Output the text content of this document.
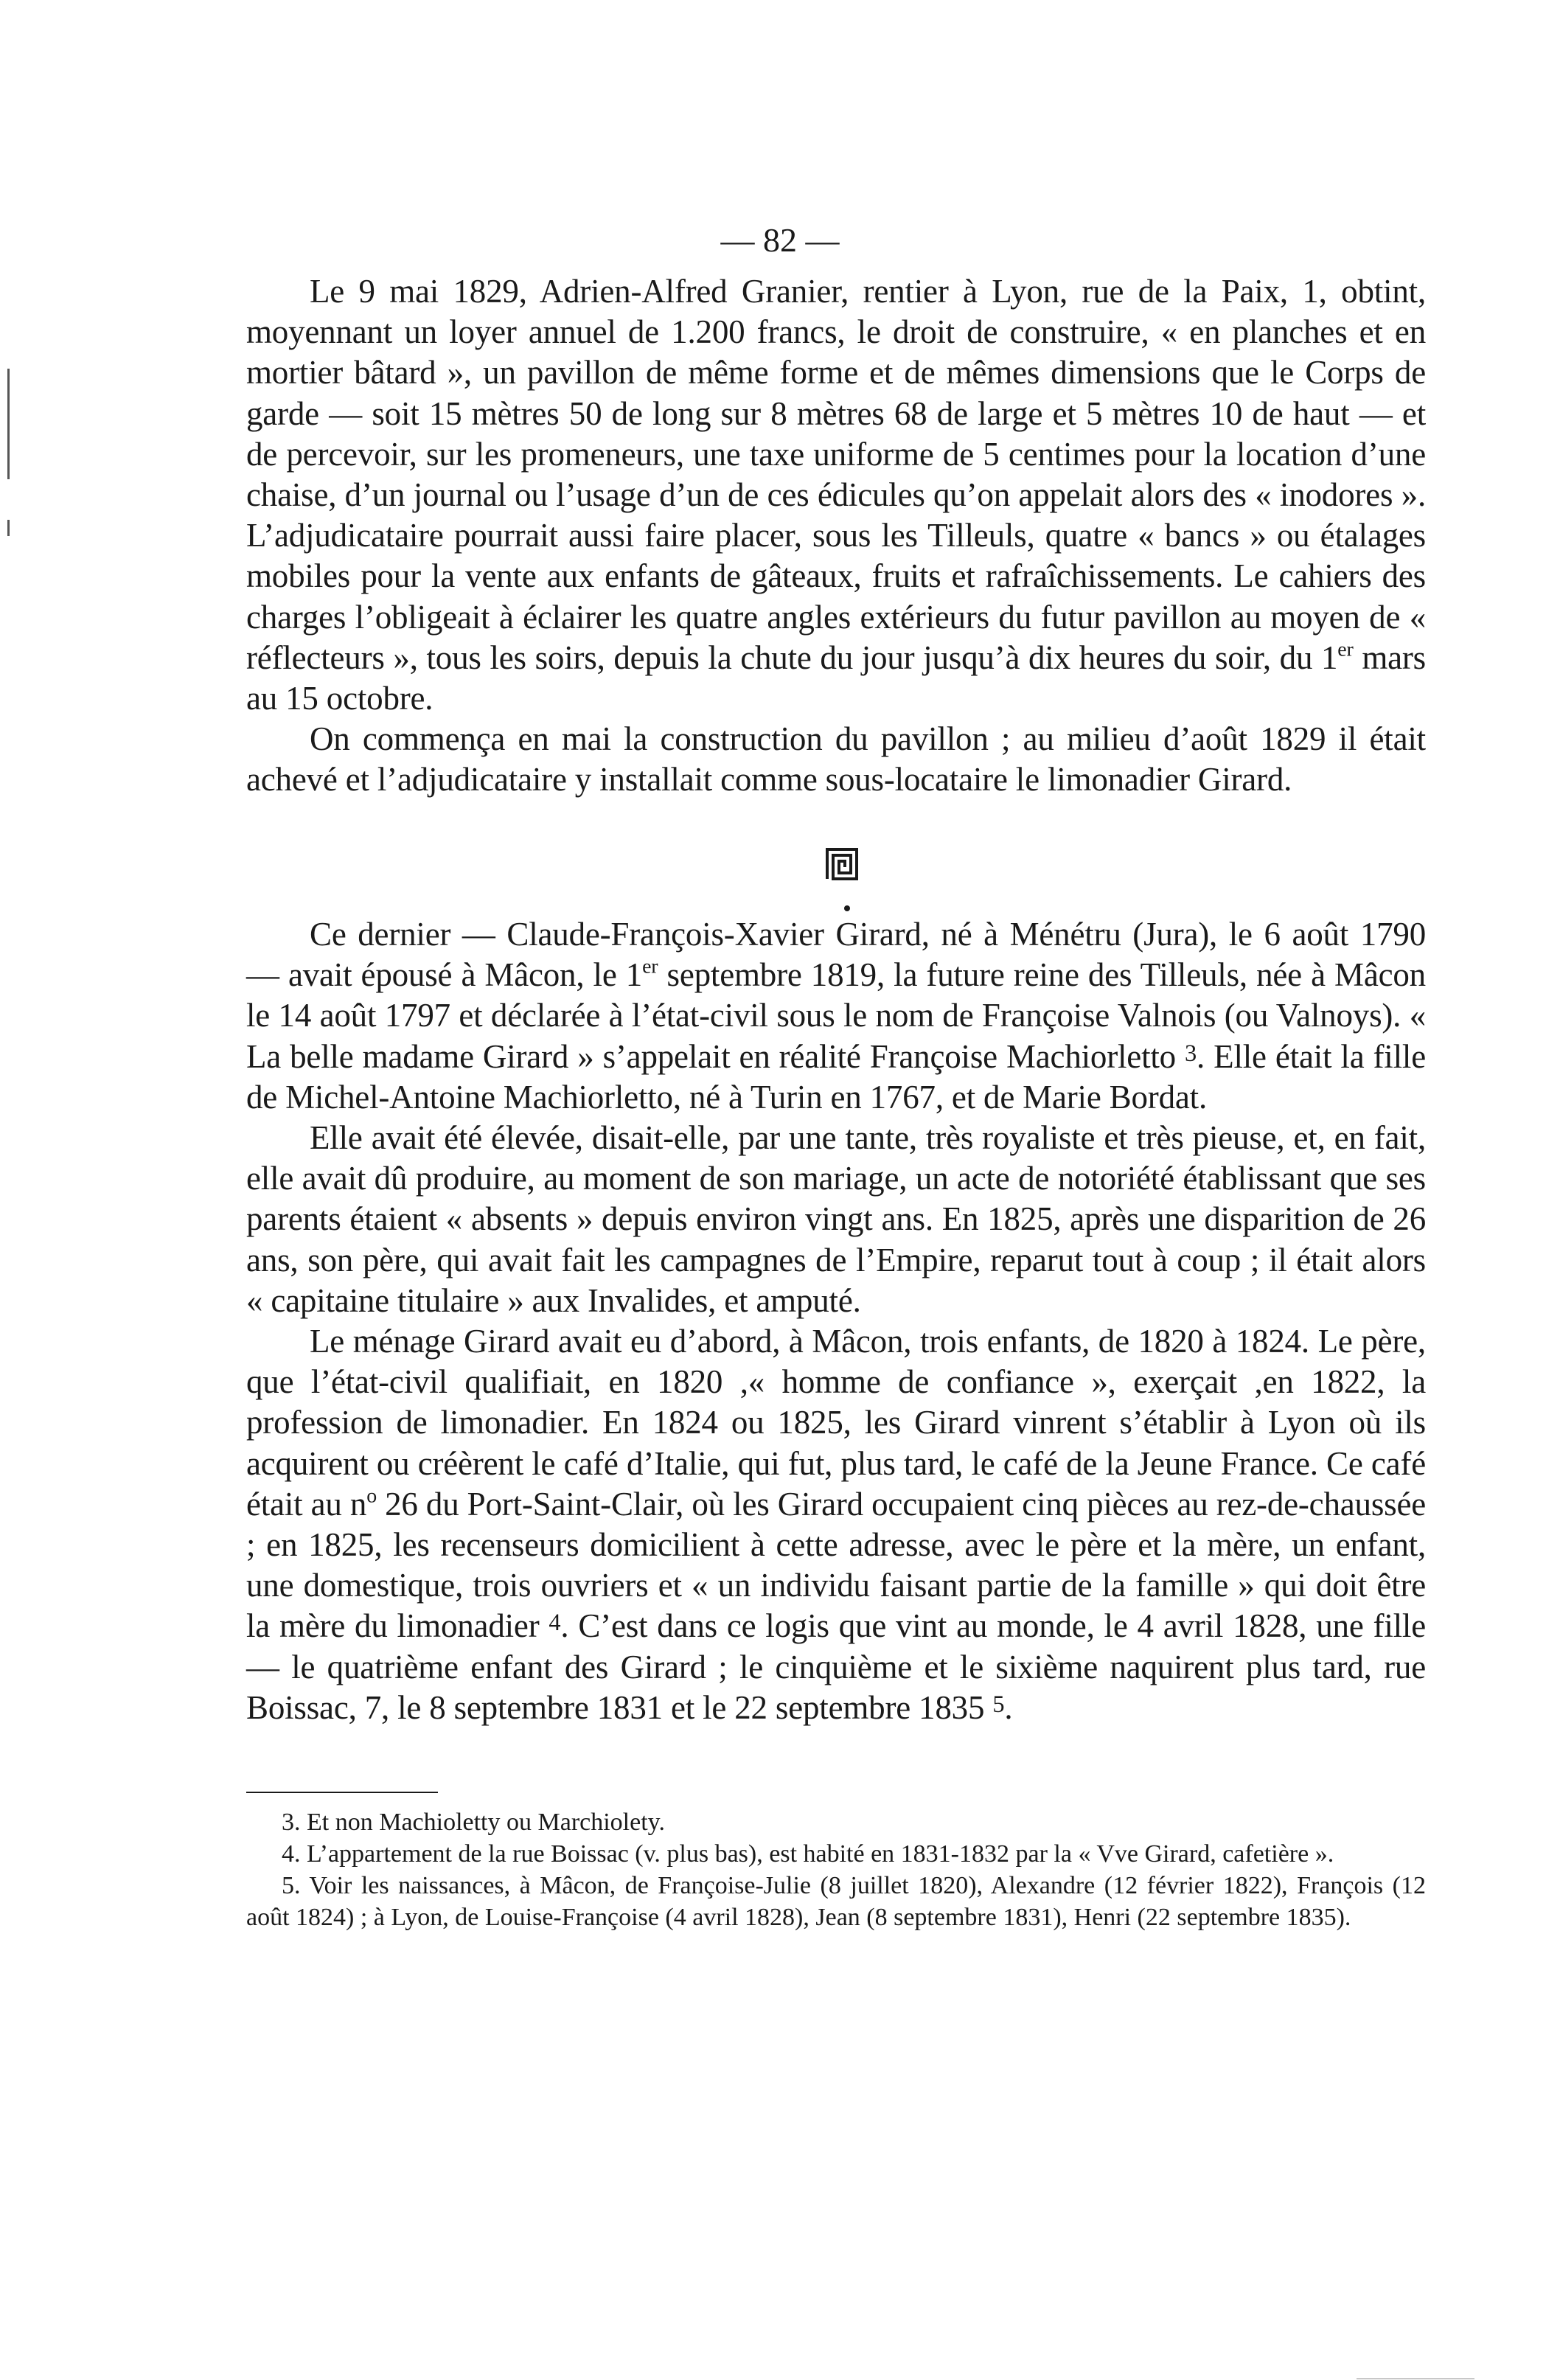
— 82 —

Le 9 mai 1829, Adrien-Alfred Granier, rentier à Lyon, rue de la Paix, 1, obtint, moyennant un loyer annuel de 1.200 francs, le droit de construire, « en planches et en mortier bâtard », un pavillon de même forme et de mêmes dimensions que le Corps de garde — soit 15 mètres 50 de long sur 8 mètres 68 de large et 5 mètres 10 de haut — et de percevoir, sur les promeneurs, une taxe uniforme de 5 centimes pour la location d’une chaise, d’un journal ou l’usage d’un de ces édicules qu’on appelait alors des « inodores ». L’adjudicataire pourrait aussi faire placer, sous les Tilleuls, quatre « bancs » ou étalages mobiles pour la vente aux enfants de gâteaux, fruits et rafraîchissements. Le cahiers des charges l’obligeait à éclairer les quatre angles extérieurs du futur pavillon au moyen de « réflecteurs », tous les soirs, depuis la chute du jour jusqu’à dix heures du soir, du 1er mars au 15 octobre.

On commença en mai la construction du pavillon ; au milieu d’août 1829 il était achevé et l’adjudicataire y installait comme sous-locataire le limonadier Girard.

Ce dernier — Claude-François-Xavier Girard, né à Ménétru (Jura), le 6 août 1790 — avait épousé à Mâcon, le 1er septembre 1819, la future reine des Tilleuls, née à Mâcon le 14 août 1797 et déclarée à l’état-civil sous le nom de Françoise Valnois (ou Valnoys). « La belle madame Girard » s’appelait en réalité Françoise Machiorletto $^3$. Elle était la fille de Michel-Antoine Machiorletto, né à Turin en 1767, et de Marie Bordat.

Elle avait été élevée, disait-elle, par une tante, très royaliste et très pieuse, et, en fait, elle avait dû produire, au moment de son mariage, un acte de notoriété établissant que ses parents étaient « absents » depuis environ vingt ans. En 1825, après une disparition de 26 ans, son père, qui avait fait les campagnes de l’Empire, reparut tout à coup ; il était alors « capitaine titulaire » aux Invalides, et amputé.

Le ménage Girard avait eu d’abord, à Mâcon, trois enfants, de 1820 à 1824. Le père, que l’état-civil qualifiait, en 1820 ,« homme de confiance », exerçait ,en 1822, la profession de limonadier. En 1824 ou 1825, les Girard vinrent s’établir à Lyon où ils acquirent ou créèrent le café d’Italie, qui fut, plus tard, le café de la Jeune France. Ce café était au $n^o$ 26 du Port-Saint-Clair, où les Girard occupaient cinq pièces au rez-de-chaussée ; en 1825, les recenseurs domicilient à cette adresse, avec le père et la mère, un enfant, une domestique, trois ouvriers et « un individu faisant partie de la famille » qui doit être la mère du limonadier $^4$. C’est dans ce logis que vint au monde, le 4 avril 1828, une fille — le quatrième enfant des Girard ; le cinquième et le sixième naquirent plus tard, rue Boissac, 7, le 8 septembre 1831 et le 22 septembre 1835 $^5$.

3. Et non Machioletty ou Marchiolety.

4. L’appartement de la rue Boissac (v. plus bas), est habité en 1831-1832 par la « Vve Girard, cafetière ».

5. Voir les naissances, à Mâcon, de Françoise-Julie (8 juillet 1820), Alexandre (12 février 1822), François (12 août 1824) ; à Lyon, de Louise-Françoise (4 avril 1828), Jean (8 septembre 1831), Henri (22 septembre 1835).
